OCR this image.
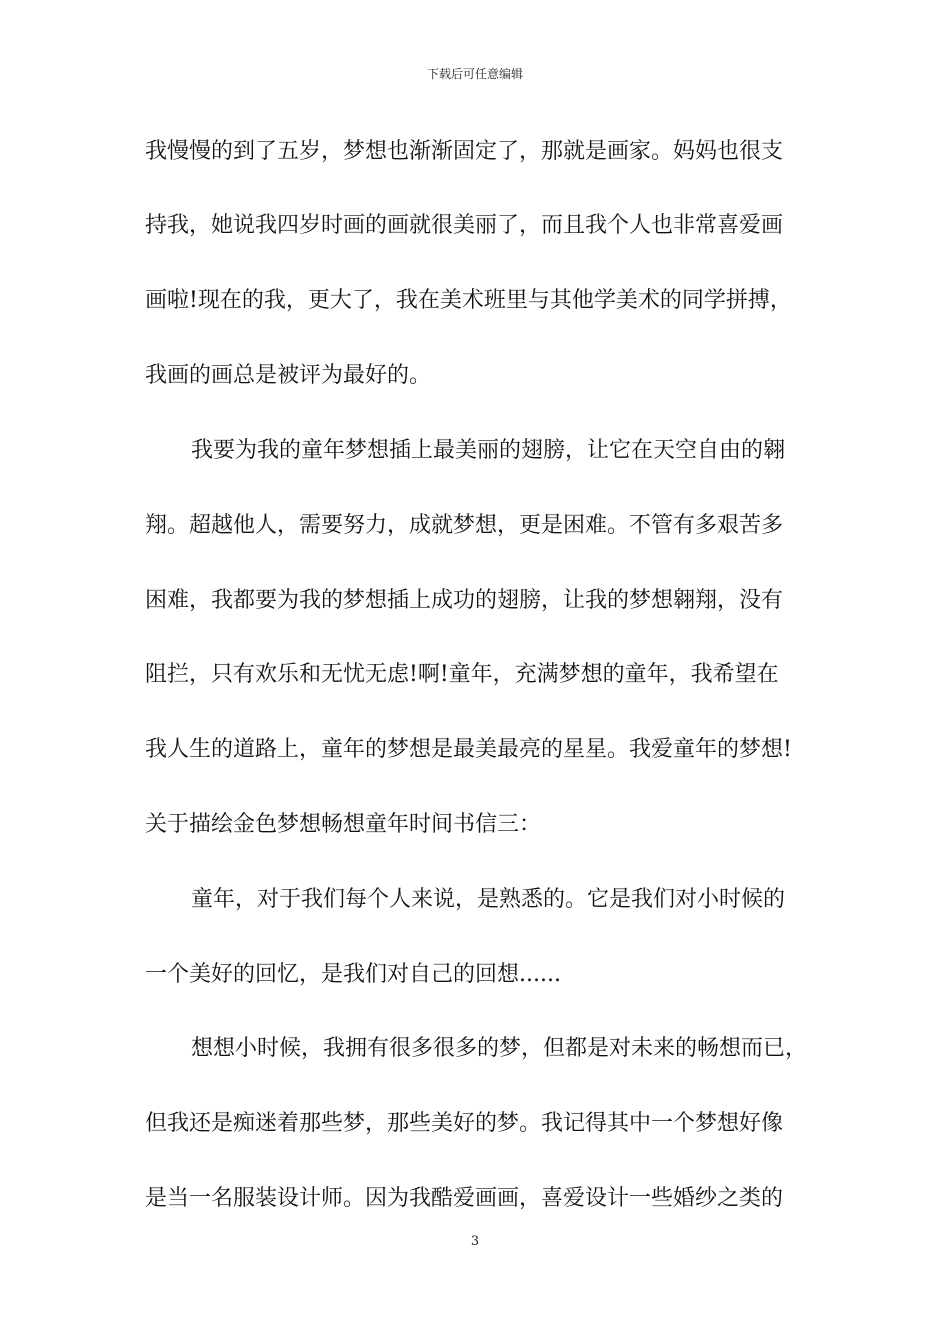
下载后可任意编辑
我慢慢的到了五岁，梦想也渐渐固定了，那就是画家。妈妈也很支
持我，她说我四岁时画的画就很美丽了，而且我个人也非常喜爱画
画啦!现在的我，更大了，我在美术班里与其他学美术的同学拼搏，
我画的画总是被评为最好的。
我要为我的童年梦想插上最美丽的翅膀，让它在天空自由的翱
翔。超越他人，需要努力，成就梦想，更是困难。不管有多艰苦多
困难，我都要为我的梦想插上成功的翅膀，让我的梦想翱翔，没有
阻拦，只有欢乐和无忧无虑!啊!童年，充满梦想的童年，我希望在
我人生的道路上，童年的梦想是最美最亮的星星。我爱童年的梦想!
关于描绘金色梦想畅想童年时间书信三：
童年，对于我们每个人来说，是熟悉的。它是我们对小时候的
一个美好的回忆，是我们对自己的回想......
想想小时候，我拥有很多很多的梦，但都是对未来的畅想而已，
但我还是痴迷着那些梦，那些美好的梦。我记得其中一个梦想好像
是当一名服装设计师。因为我酷爱画画，喜爱设计一些婚纱之类的
3
